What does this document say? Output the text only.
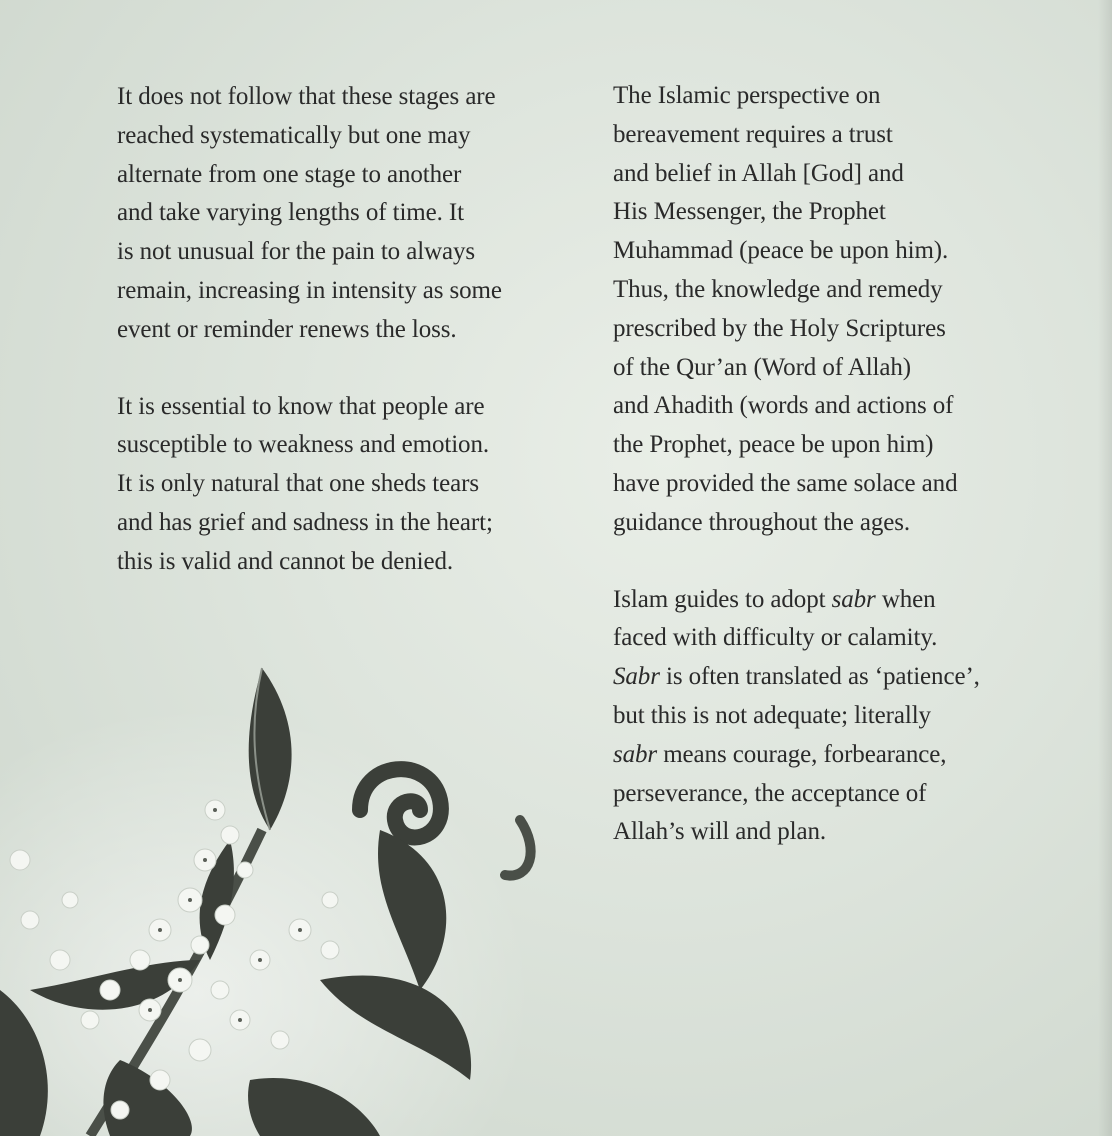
It does not follow that these stages are
reached systematically but one may
alternate from one stage to another
and take varying lengths of time. It
is not unusual for the pain to always
remain, increasing in intensity as some
event or reminder renews the loss.

It is essential to know that people are
susceptible to weakness and emotion.
It is only natural that one sheds tears
and has grief and sadness in the heart;
this is valid and cannot be denied.

The Islamic perspective on
bereavement requires a trust
and belief in Allah [God] and
His Messenger, the Prophet
Muhammad (peace be upon him).
Thus, the knowledge and remedy
prescribed by the Holy Scriptures
of the Qur’an (Word of Allah)
and Ahadith (words and actions of
the Prophet, peace be upon him)
have provided the same solace and
guidance throughout the ages.

Islam guides to adopt sabr when
faced with difficulty or calamity.
Sabr is often translated as ‘patience’,
but this is not adequate; literally
sabr means courage, forbearance,
perseverance, the acceptance of
Allah’s will and plan.
